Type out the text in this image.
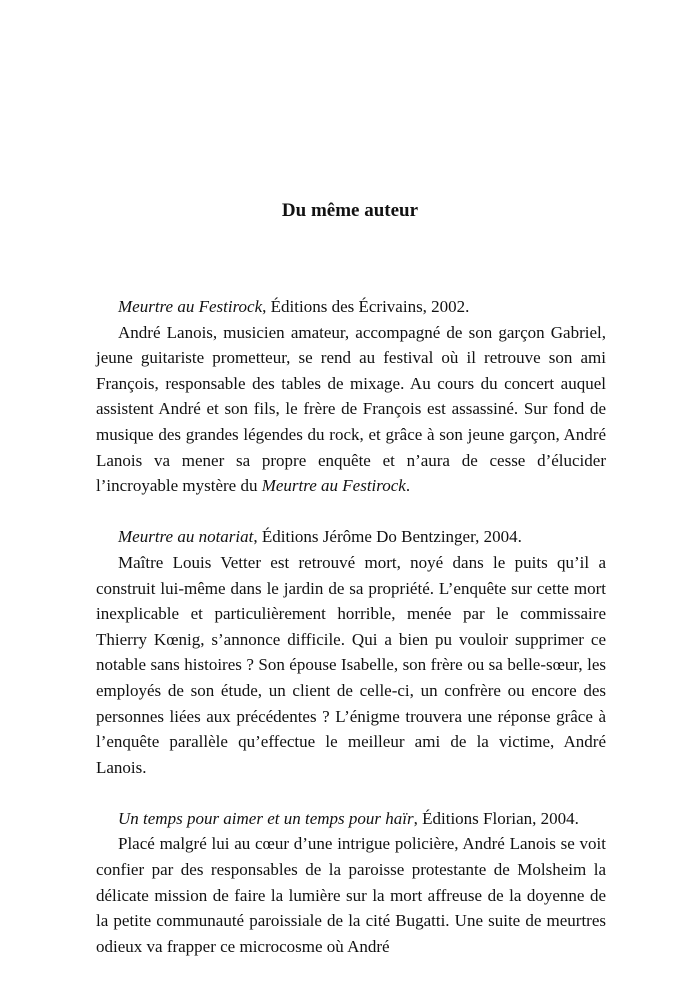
Du même auteur

Meurtre au Festirock, Éditions des Écrivains, 2002.

André Lanois, musicien amateur, accompagné de son garçon Gabriel, jeune guitariste prometteur, se rend au festival où il retrouve son ami François, responsable des tables de mixage. Au cours du concert auquel assistent André et son fils, le frère de François est assassiné. Sur fond de musique des grandes légendes du rock, et grâce à son jeune garçon, André Lanois va mener sa propre enquête et n’aura de cesse d’élucider l’incroyable mystère du Meurtre au Festirock.

Meurtre au notariat, Éditions Jérôme Do Bentzinger, 2004.

Maître Louis Vetter est retrouvé mort, noyé dans le puits qu’il a construit lui-même dans le jardin de sa propriété. L’enquête sur cette mort inexplicable et particulièrement horrible, menée par le commissaire Thierry Kœnig, s’annonce difficile. Qui a bien pu vouloir supprimer ce notable sans histoires ? Son épouse Isabelle, son frère ou sa belle-sœur, les employés de son étude, un client de celle-ci, un confrère ou encore des personnes liées aux précédentes ? L’énigme trouvera une réponse grâce à l’enquête parallèle qu’effectue le meilleur ami de la victime, André Lanois.

Un temps pour aimer et un temps pour haïr, Éditions Florian, 2004.

Placé malgré lui au cœur d’une intrigue policière, André Lanois se voit confier par des responsables de la paroisse protestante de Molsheim la délicate mission de faire la lumière sur la mort affreuse de la doyenne de la petite communauté paroissiale de la cité Bugatti. Une suite de meurtres odieux va frapper ce microcosme où André
